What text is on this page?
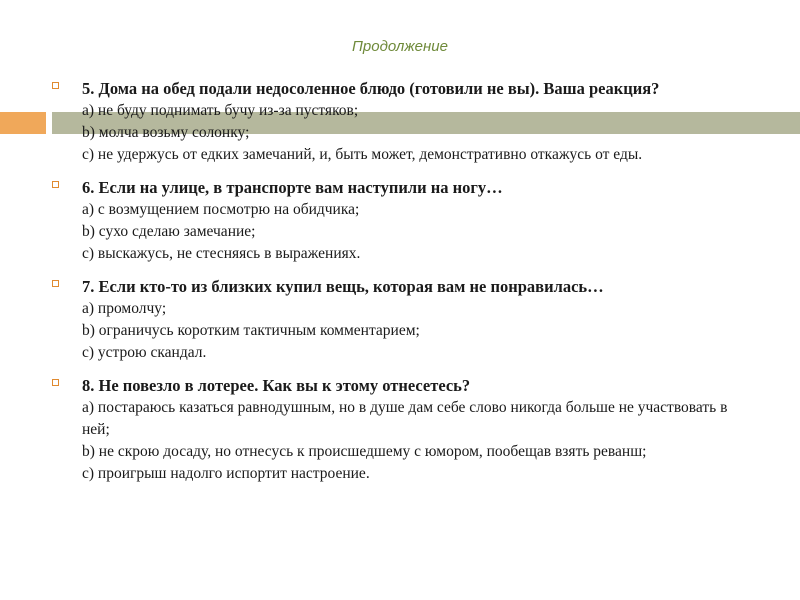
Продолжение

5. Дома на обед подали недосоленное блюдо (готовили не вы). Ваша реакция?

а) не буду поднимать бучу из-за пустяков;

b) молча возьму солонку;

c) не удержусь от едких замечаний, и, быть может, демонстративно откажусь от еды.

6. Если на улице, в транспорте вам наступили на ногу…

а) с возмущением посмотрю на обидчика;

b) сухо сделаю замечание;

c) выскажусь, не стесняясь в выражениях.

7. Если кто-то из близких купил вещь, которая вам не понравилась…

а) промолчу;

b) ограничусь коротким тактичным комментарием;

c) устрою скандал.

8. Не повезло в лотерее. Как вы к этому отнесетесь?

а) постараюсь казаться равнодушным, но в душе дам себе слово никогда больше не участвовать в ней;

b) не скрою досаду, но отнесусь к происшедшему с юмором, пообещав взять реванш;

c) проигрыш надолго испортит настроение.
